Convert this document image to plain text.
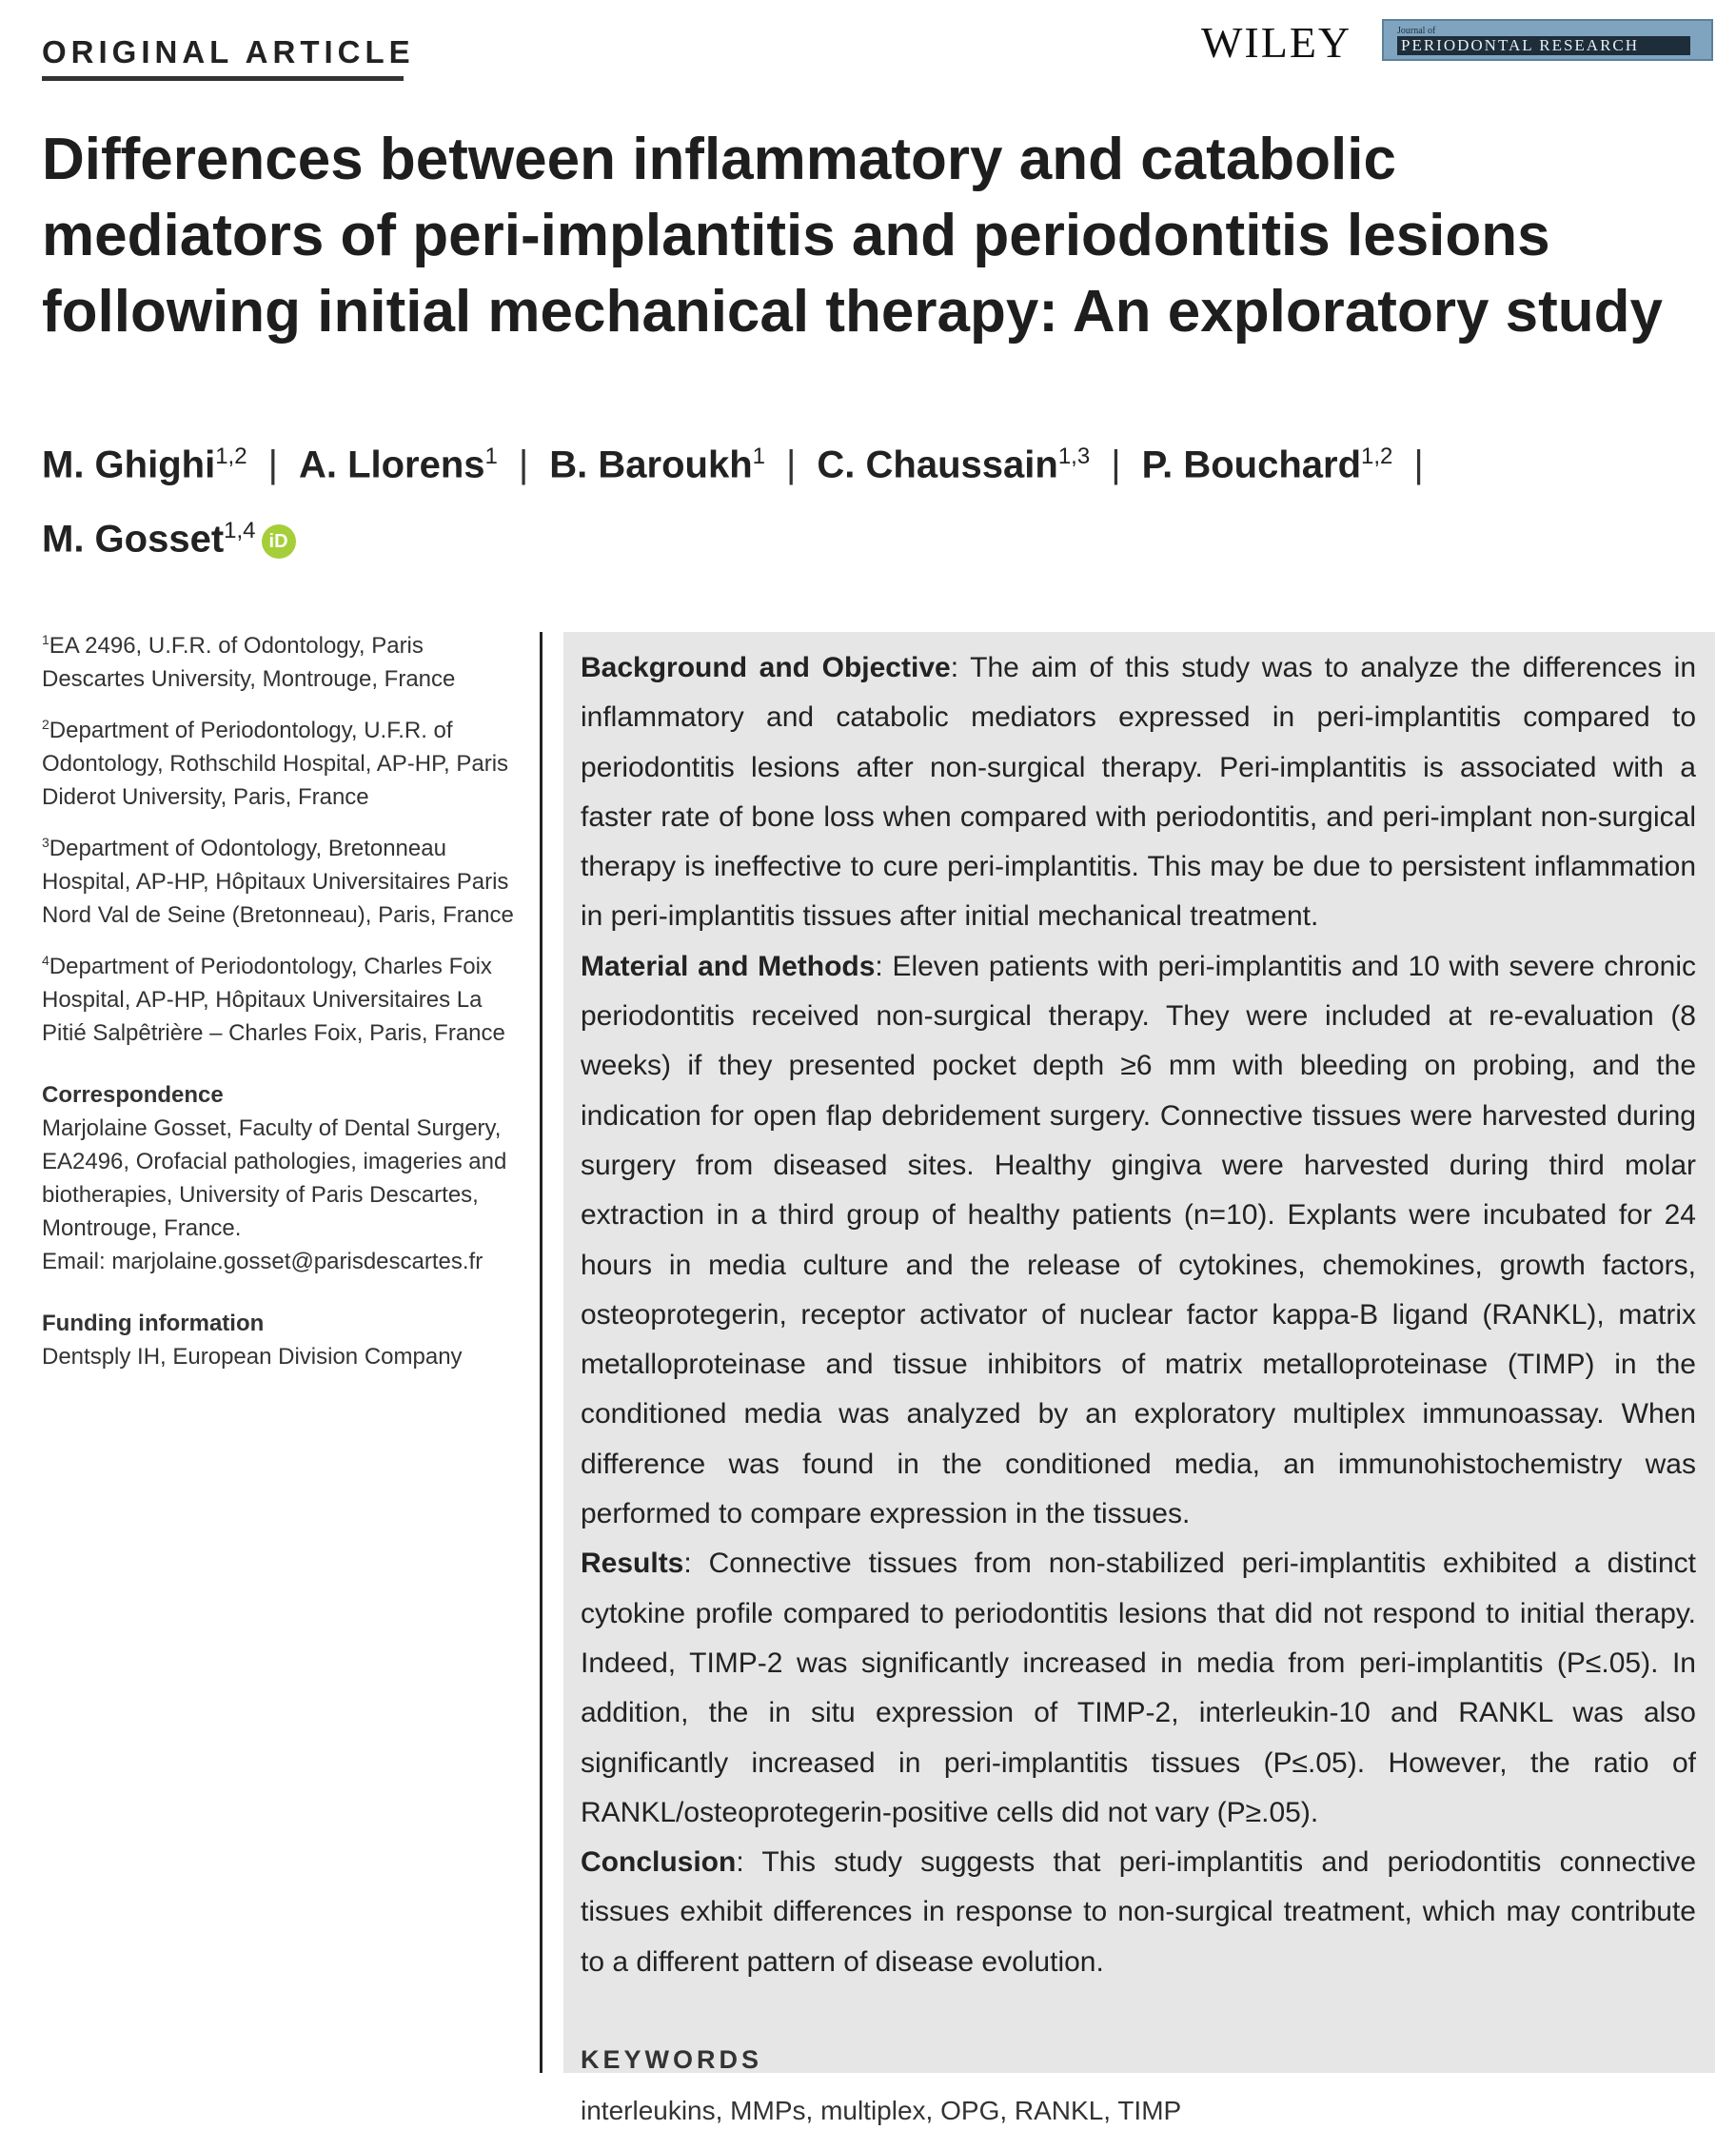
ORIGINAL ARTICLE	WILEY	Journal of
PERIODONTAL RESEARCH
Differences between inflammatory and catabolic mediators of peri-implantitis and periodontitis lesions following initial mechanical therapy: An exploratory study
M. Ghighi$^{1,2}$ | A. Llorens$^1$ | B. Baroukh$^1$ | C. Chaussain$^{1,3}$ | P. Bouchard$^{1,2}$ |
M. Gosset$^{1,4}$ iD
$^1$EA 2496, U.F.R. of Odontology, Paris Descartes University, Montrouge, France
$^2$Department of Periodontology, U.F.R. of Odontology, Rothschild Hospital, AP-HP, Paris Diderot University, Paris, France
$^3$Department of Odontology, Bretonneau Hospital, AP-HP, Hôpitaux Universitaires Paris Nord Val de Seine (Bretonneau), Paris, France
$^4$Department of Periodontology, Charles Foix Hospital, AP-HP, Hôpitaux Universitaires La Pitié Salpêtrière – Charles Foix, Paris, France
Correspondence
Marjolaine Gosset, Faculty of Dental Surgery, EA2496, Orofacial pathologies, imageries and biotherapies, University of Paris Descartes, Montrouge, France.
Email: marjolaine.gosset@parisdescartes.fr
Funding information
Dentsply IH, European Division Company

Background and Objective: The aim of this study was to analyze the differences in inflammatory and catabolic mediators expressed in peri-implantitis compared to periodontitis lesions after non-surgical therapy. Peri-implantitis is associated with a faster rate of bone loss when compared with periodontitis, and peri-implant non-surgical therapy is ineffective to cure peri-implantitis. This may be due to persistent inflammation in peri-implantitis tissues after initial mechanical treatment.

Material and Methods: Eleven patients with peri-implantitis and 10 with severe chronic periodontitis received non-surgical therapy. They were included at re-evaluation (8 weeks) if they presented pocket depth ≥6 mm with bleeding on probing, and the indication for open flap debridement surgery. Connective tissues were harvested during surgery from diseased sites. Healthy gingiva were harvested during third molar extraction in a third group of healthy patients (n=10). Explants were incubated for 24 hours in media culture and the release of cytokines, chemokines, growth factors, osteoprotegerin, receptor activator of nuclear factor kappa-B ligand (RANKL), matrix metalloproteinase and tissue inhibitors of matrix metalloproteinase (TIMP) in the conditioned media was analyzed by an exploratory multiplex immunoassay. When difference was found in the conditioned media, an immunohistochemistry was performed to compare expression in the tissues.

Results: Connective tissues from non-stabilized peri-implantitis exhibited a distinct cytokine profile compared to periodontitis lesions that did not respond to initial therapy. Indeed, TIMP-2 was significantly increased in media from peri-implantitis (P≤.05). In addition, the in situ expression of TIMP-2, interleukin-10 and RANKL was also significantly increased in peri-implantitis tissues (P≤.05). However, the ratio of RANKL/osteoprotegerin-positive cells did not vary (P≥.05).

Conclusion: This study suggests that peri-implantitis and periodontitis connective tissues exhibit differences in response to non-surgical treatment, which may contribute to a different pattern of disease evolution.

KEYWORDS
interleukins, MMPs, multiplex, OPG, RANKL, TIMP
